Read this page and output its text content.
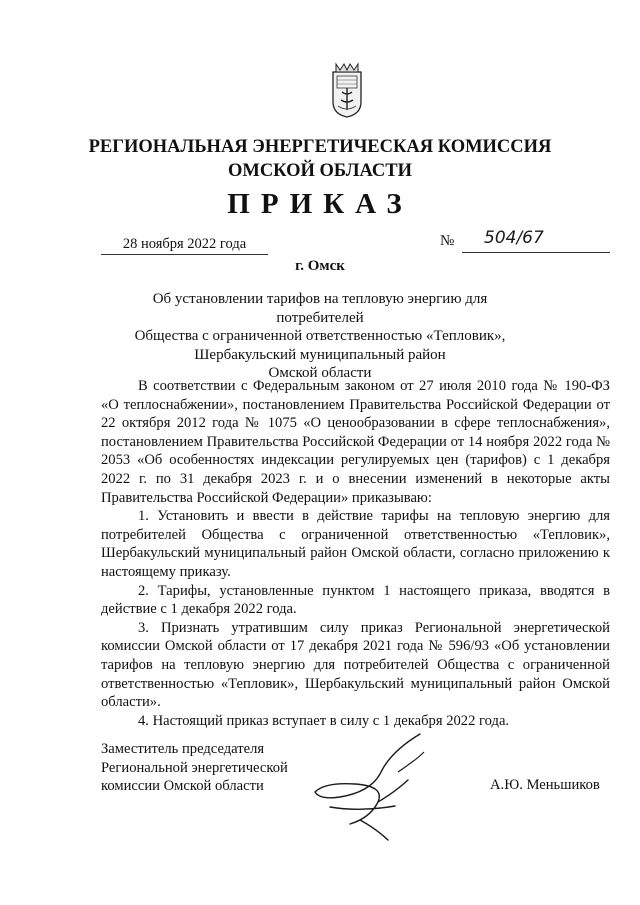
РЕГИОНАЛЬНАЯ ЭНЕРГЕТИЧЕСКАЯ КОМИССИЯ
ОМСКОЙ ОБЛАСТИ
ПРИКАЗ
28 ноября 2022 года	№ 504/67
г. Омск
Об установлении тарифов на тепловую энергию для потребителей
Общества с ограниченной ответственностью «Тепловик»,
Шербакульский муниципальный район
Омской области

В соответствии с Федеральным законом от 27 июля 2010 года № 190-ФЗ «О теплоснабжении», постановлением Правительства Российской Федерации от 22 октября 2012 года № 1075 «О ценообразовании в сфере теплоснабжения», постановлением Правительства Российской Федерации от 14 ноября 2022 года № 2053 «Об особенностях индексации регулируемых цен (тарифов) с 1 декабря 2022 г. по 31 декабря 2023 г. и о внесении изменений в некоторые акты Правительства Российской Федерации» приказываю:

1. Установить и ввести в действие тарифы на тепловую энергию для потребителей Общества с ограниченной ответственностью «Тепловик», Шербакульский муниципальный район Омской области, согласно приложению к настоящему приказу.

2. Тарифы, установленные пунктом 1 настоящего приказа, вводятся в действие с 1 декабря 2022 года.

3. Признать утратившим силу приказ Региональной энергетической комиссии Омской области от 17 декабря 2021 года № 596/93 «Об установлении тарифов на тепловую энергию для потребителей Общества с ограниченной ответственностью «Тепловик», Шербакульский муниципальный район Омской области».

4. Настоящий приказ вступает в силу с 1 декабря 2022 года.

Заместитель председателя
Региональной энергетической
комиссии Омской области	А.Ю. Меньшиков
